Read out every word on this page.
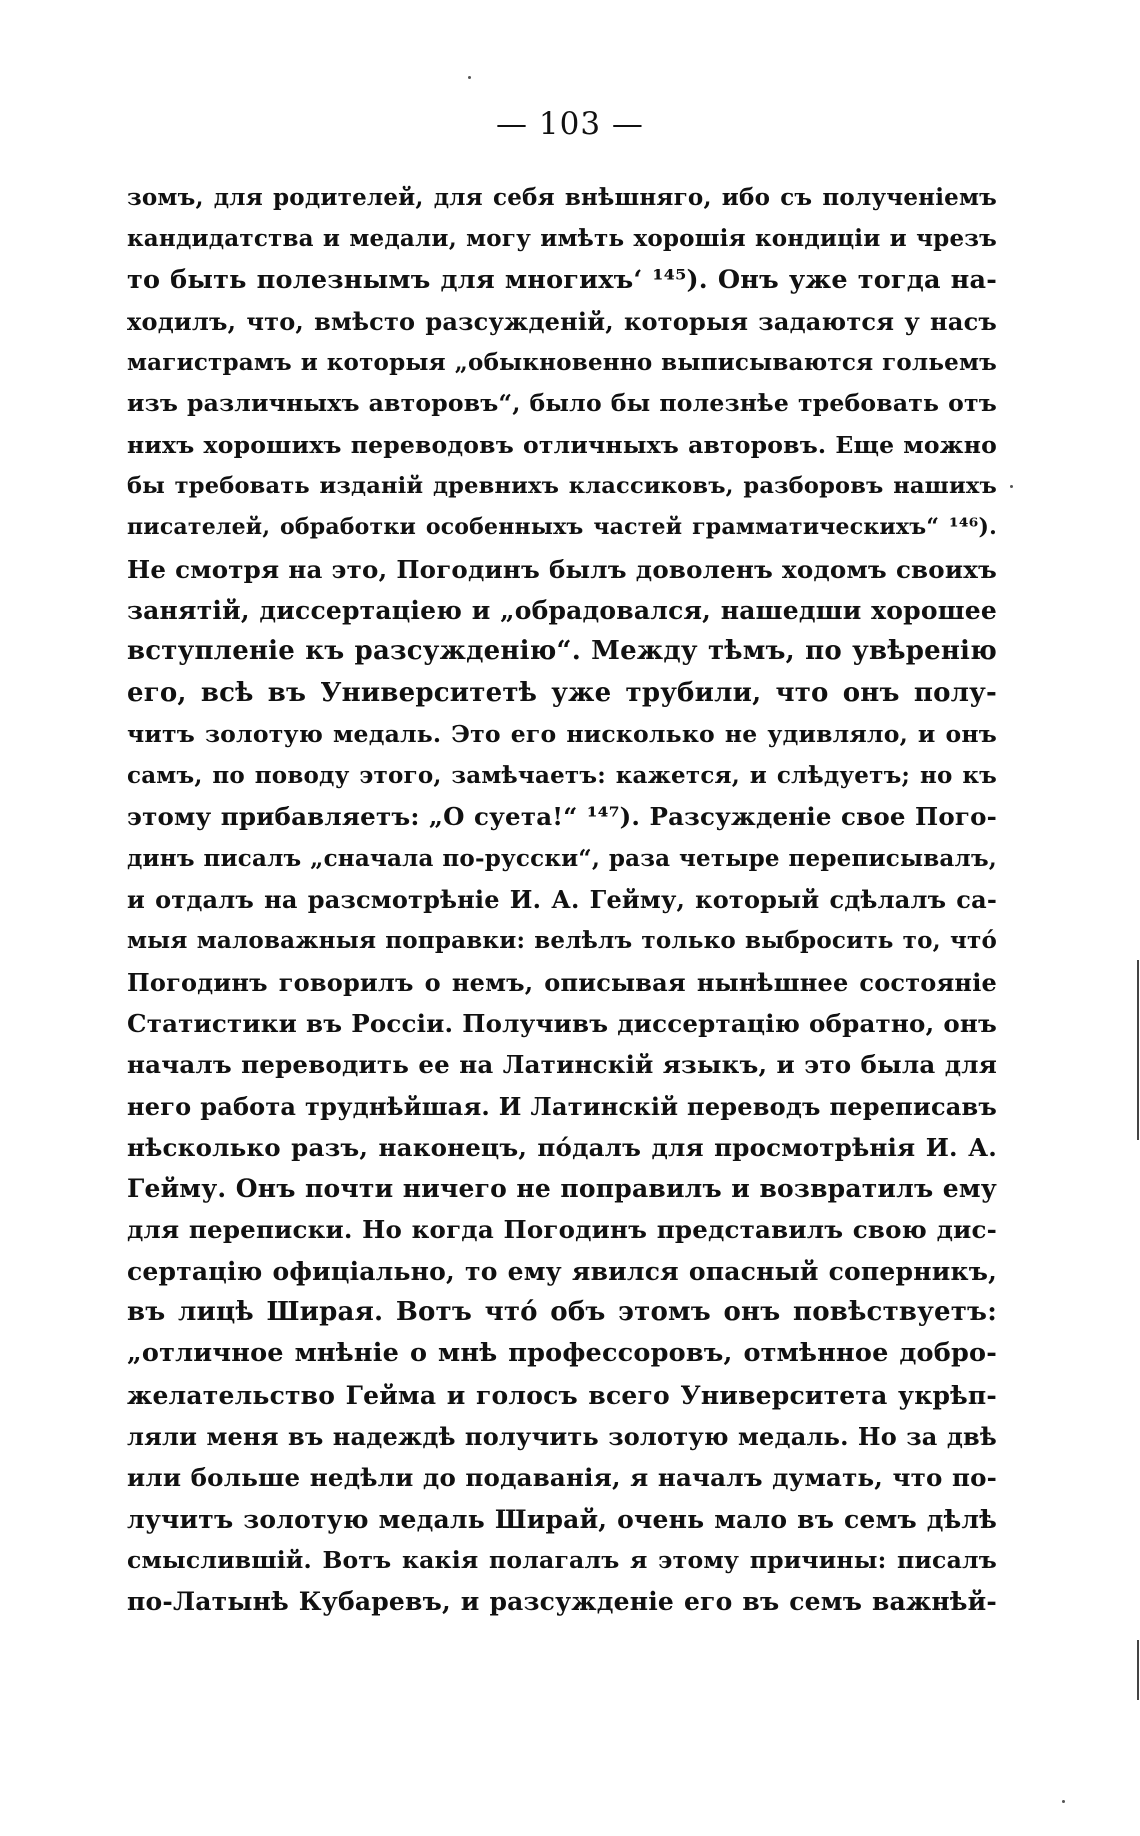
— 103 —
зомъ, для родителей, для себя внѣшняго, ибо съ полученіемъ
кандидатства и медали, могу имѣть хорошія кондиціи и чрезъ
то быть полезнымъ для многихъ‘ ¹⁴⁵). Онъ уже тогда на-
ходилъ, что, вмѣсто разсужденій, которыя задаются у насъ
магистрамъ и которыя „обыкновенно выписываются гольемъ
изъ различныхъ авторовъ“, было бы полезнѣе требовать отъ
нихъ хорошихъ переводовъ отличныхъ авторовъ. Еще можно
бы требовать изданій древнихъ классиковъ, разборовъ нашихъ
писателей, обработки особенныхъ частей грамматическихъ“ ¹⁴⁶).
Не смотря на это, Погодинъ былъ доволенъ ходомъ своихъ
занятій, диссертаціею и „обрадовался, нашедши хорошее
вступленіе къ разсужденію“. Между тѣмъ, по увѣренію
его, всѣ въ Университетѣ уже трубили, что онъ полу-
читъ золотую медаль. Это его нисколько не удивляло, и онъ
самъ, по поводу этого, замѣчаетъ: кажется, и слѣдуетъ; но къ
этому прибавляетъ: „О суета!“ ¹⁴⁷). Разсужденіе свое Пого-
динъ писалъ „сначала по-русски“, раза четыре переписывалъ,
и отдалъ на разсмотрѣніе И. А. Гейму, который сдѣлалъ са-
мыя маловажныя поправки: велѣлъ только выбросить то, что́
Погодинъ говорилъ о немъ, описывая нынѣшнее состояніе
Статистики въ Россіи. Получивъ диссертацію обратно, онъ
началъ переводить ее на Латинскій языкъ, и это была для
него работа труднѣйшая. И Латинскій переводъ переписавъ
нѣсколько разъ, наконецъ, по́далъ для просмотрѣнія И. А.
Гейму. Онъ почти ничего не поправилъ и возвратилъ ему
для переписки. Но когда Погодинъ представилъ свою дис-
сертацію офиціально, то ему явился опасный соперникъ,
въ лицѣ Ширая. Вотъ что́ объ этомъ онъ повѣствуетъ:
„отличное мнѣніе о мнѣ профессоровъ, отмѣнное добро-
желательство Гейма и голосъ всего Университета укрѣп-
ляли меня въ надеждѣ получить золотую медаль. Но за двѣ
или больше недѣли до подаванія, я началъ думать, что по-
лучитъ золотую медаль Ширай, очень мало въ семъ дѣлѣ
смыслившій. Вотъ какія полагалъ я этому причины: писалъ
по-Латынѣ Кубаревъ, и разсужденіе его въ семъ важнѣй-
